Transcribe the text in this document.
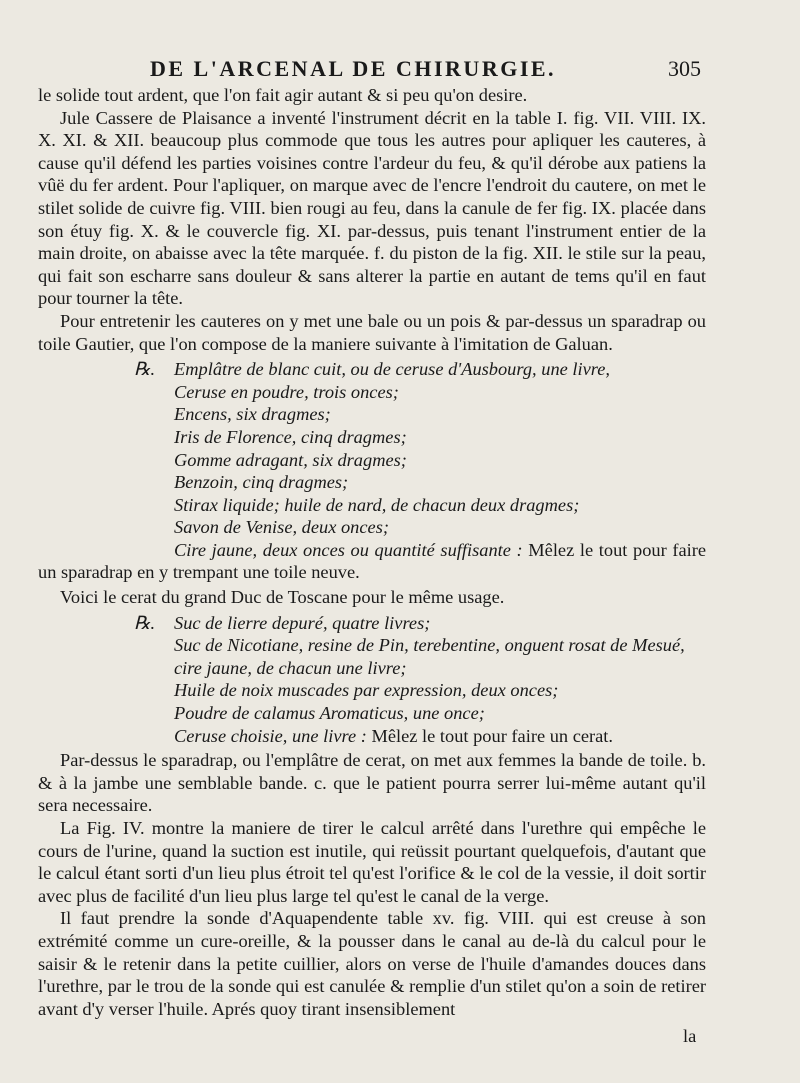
DE L'ARCENAL DE CHIRURGIE.	305

le solide tout ardent, que l'on fait agir autant & si peu qu'on desire.

Jule Cassere de Plaisance a inventé l'instrument décrit en la table I. fig. VII. VIII. IX. X. XI. & XII. beaucoup plus commode que tous les autres pour apliquer les cauteres, à cause qu'il défend les parties voisines contre l'ardeur du feu, & qu'il dérobe aux patiens la vûë du fer ardent. Pour l'apliquer, on marque avec de l'encre l'endroit du cautere, on met le stilet solide de cuivre fig. VIII. bien rougi au feu, dans la canule de fer fig. IX. placée dans son étuy fig. X. & le couvercle fig. XI. par-dessus, puis tenant l'instrument entier de la main droite, on abaisse avec la tête marquée. f. du piston de la fig. XII. le stile sur la peau, qui fait son escharre sans douleur & sans alterer la partie en autant de tems qu'il en faut pour tourner la tête.

Pour entretenir les cauteres on y met une bale ou un pois & par-dessus un sparadrap ou toile Gautier, que l'on compose de la maniere suivante à l'imitation de Galuan.

℞. Emplâtre de blanc cuit, ou de ceruse d'Ausbourg, une livre,
Ceruse en poudre, trois onces;
Encens, six dragmes;
Iris de Florence, cinq dragmes;
Gomme adragant, six dragmes;
Benzoin, cinq dragmes;
Stirax liquide; huile de nard, de chacun deux dragmes;
Savon de Venise, deux onces;

Cire jaune, deux onces ou quantité suffisante : Mêlez le tout pour faire un sparadrap en y trempant une toile neuve.

Voici le cerat du grand Duc de Toscane pour le même usage.

℞. Suc de lierre depuré, quatre livres;
Suc de Nicotiane, resine de Pin, terebentine, onguent rosat de Mesué,
cire jaune, de chacun une livre;
Huile de noix muscades par expression, deux onces;
Poudre de calamus Aromaticus, une once;
Ceruse choisie, une livre : Mêlez le tout pour faire un cerat.

Par-dessus le sparadrap, ou l'emplâtre de cerat, on met aux femmes la bande de toile. b. & à la jambe une semblable bande. c. que le patient pourra serrer lui-même autant qu'il sera necessaire.

La Fig. IV. montre la maniere de tirer le calcul arrêté dans l'urethre qui empêche le cours de l'urine, quand la suction est inutile, qui reüssit pourtant quelquefois, d'autant que le calcul étant sorti d'un lieu plus étroit tel qu'est l'orifice & le col de la vessie, il doit sortir avec plus de facilité d'un lieu plus large tel qu'est le canal de la verge.

Il faut prendre la sonde d'Aquapendente table xv. fig. VIII. qui est creuse à son extrémité comme un cure-oreille, & la pousser dans le canal au de-là du calcul pour le saisir & le retenir dans la petite cuillier, alors on verse de l'huile d'amandes douces dans l'urethre, par le trou de la sonde qui est canulée & remplie d'un stilet qu'on a soin de retirer avant d'y verser l'huile. Aprés quoy tirant insensiblement

la
